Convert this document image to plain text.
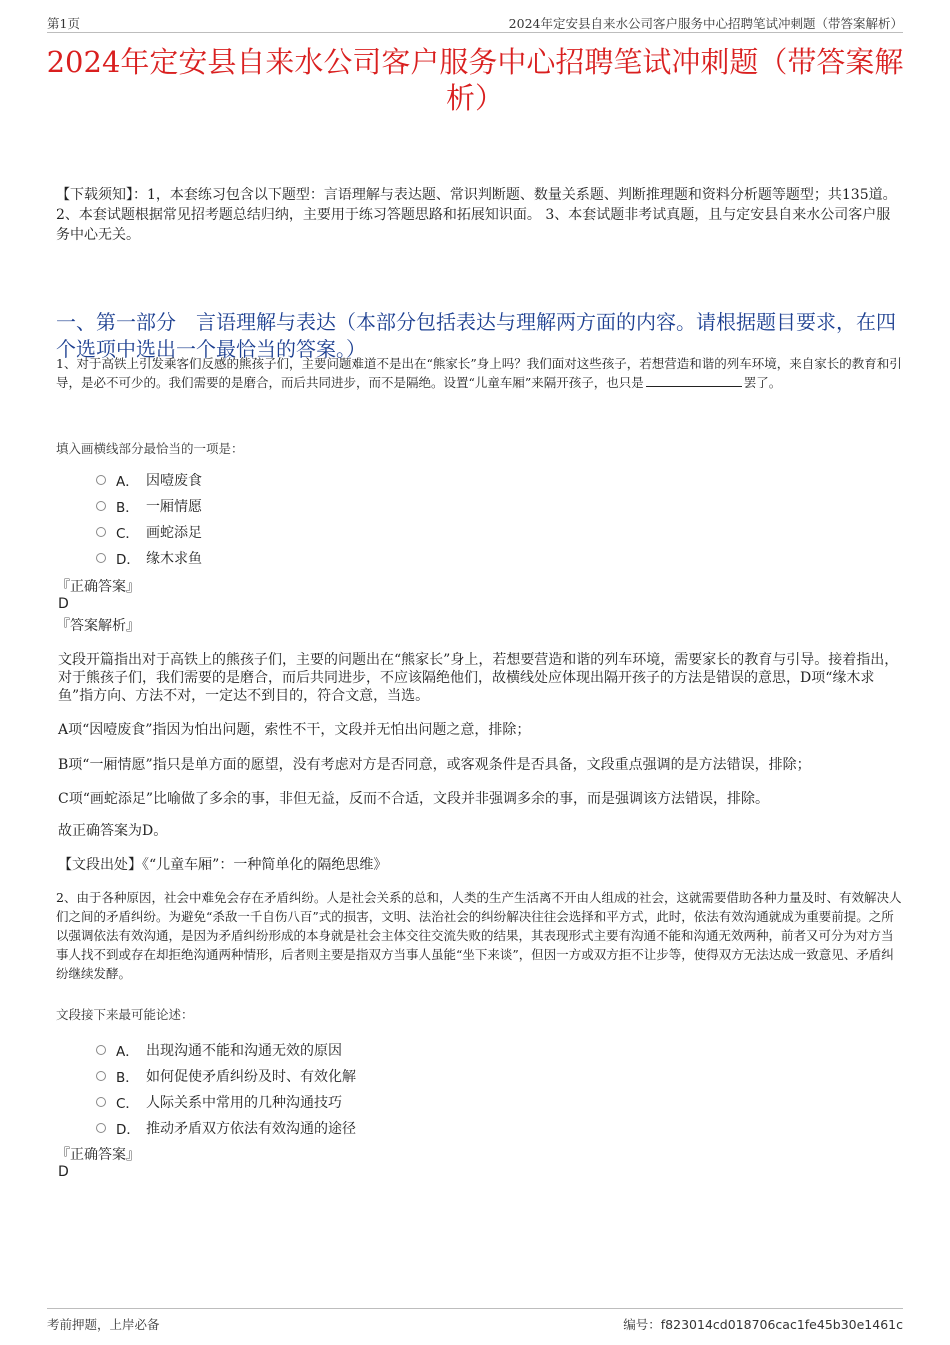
第1页	2024年定安县自来水公司客户服务中心招聘笔试冲刺题（带答案解析）
2024年定安县自来水公司客户服务中心招聘笔试冲刺题（带答案解析）

【下载须知】：1，本套练习包含以下题型：言语理解与表达题、常识判断题、数量关系题、判断推理题和资料分析题等题型；共135道。 2、本套试题根据常见招考题总结归纳，主要用于练习答题思路和拓展知识面。 3、本套试题非考试真题，且与定安县自来水公司客户服务中心无关。

一、第一部分　言语理解与表达（本部分包括表达与理解两方面的内容。请根据题目要求，在四个选项中选出一个最恰当的答案。）

1、对于高铁上引发乘客们反感的熊孩子们，主要问题难道不是出在“熊家长”身上吗？我们面对这些孩子，若想营造和谐的列车环境，来自家长的教育和引导，是必不可少的。我们需要的是磨合，而后共同进步，而不是隔绝。设置“儿童车厢”来隔开孩子，也只是	罢了。

填入画横线部分最恰当的一项是：

A． 因噎废食
B． 一厢情愿
C． 画蛇添足
D． 缘木求鱼

『正确答案』

D

『答案解析』

文段开篇指出对于高铁上的熊孩子们，主要的问题出在“熊家长”身上，若想要营造和谐的列车环境，需要家长的教育与引导。接着指出，对于熊孩子们，我们需要的是磨合，而后共同进步，不应该隔绝他们，故横线处应体现出隔开孩子的方法是错误的意思，D项“缘木求鱼”指方向、方法不对，一定达不到目的，符合文意，当选。

A项“因噎废食”指因为怕出问题，索性不干，文段并无怕出问题之意，排除；

B项“一厢情愿”指只是单方面的愿望，没有考虑对方是否同意，或客观条件是否具备，文段重点强调的是方法错误，排除；

C项“画蛇添足”比喻做了多余的事，非但无益，反而不合适，文段并非强调多余的事，而是强调该方法错误，排除。

故正确答案为D。

【文段出处】《“儿童车厢”：一种简单化的隔绝思维》

2、由于各种原因，社会中难免会存在矛盾纠纷。人是社会关系的总和，人类的生产生活离不开由人组成的社会，这就需要借助各种力量及时、有效解决人们之间的矛盾纠纷。为避免“杀敌一千自伤八百”式的损害，文明、法治社会的纠纷解决往往会选择和平方式，此时，依法有效沟通就成为重要前提。之所以强调依法有效沟通，是因为矛盾纠纷形成的本身就是社会主体交往交流失败的结果，其表现形式主要有沟通不能和沟通无效两种，前者又可分为对方当事人找不到或存在却拒绝沟通两种情形，后者则主要是指双方当事人虽能“坐下来谈”，但因一方或双方拒不让步等，使得双方无法达成一致意见、矛盾纠纷继续发酵。

文段接下来最可能论述：

A． 出现沟通不能和沟通无效的原因
B． 如何促使矛盾纠纷及时、有效化解
C． 人际关系中常用的几种沟通技巧
D． 推动矛盾双方依法有效沟通的途径

『正确答案』

D

考前押题，上岸必备	编号：f823014cd018706cac1fe45b30e1461c
